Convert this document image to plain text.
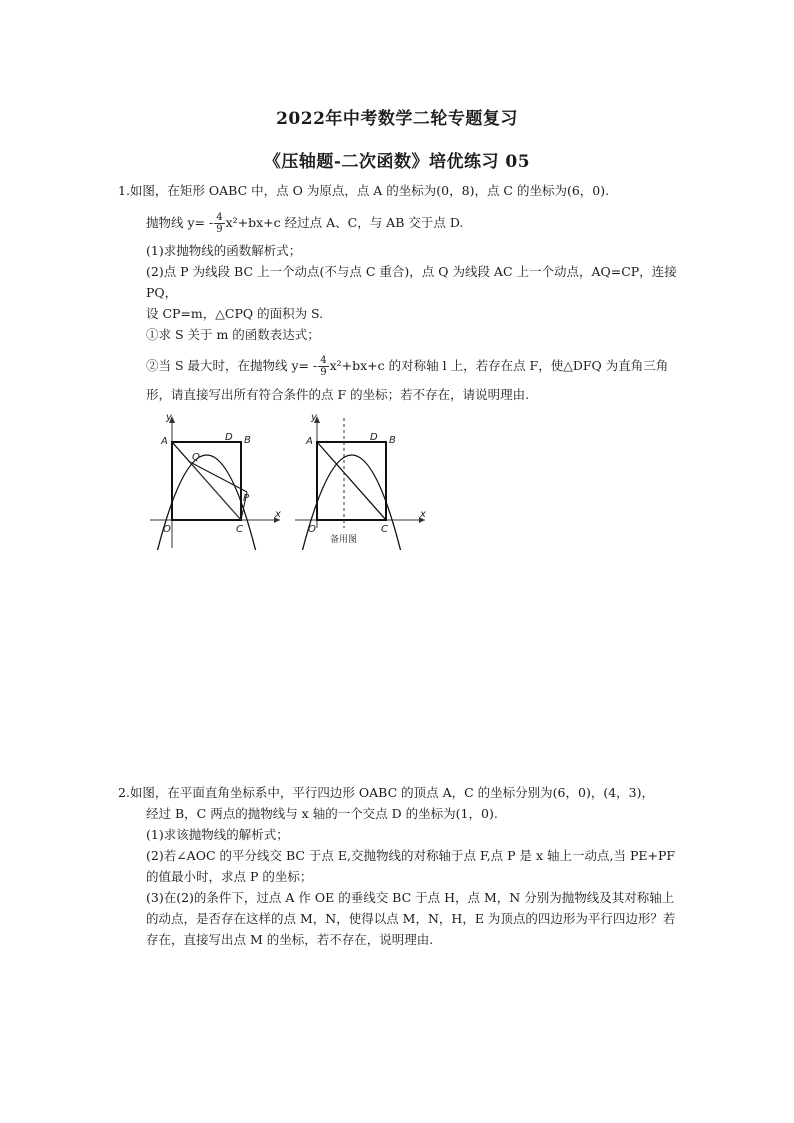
2022年中考数学二轮专题复习
《压轴题-二次函数》培优练习 05
1.如图，在矩形 OABC 中，点 O 为原点，点 A 的坐标为(0，8)，点 C 的坐标为(6，0).
抛物线 $y= - \frac{4}{9} x^2+bx+c$ 经过点 A、C，与 AB 交于点 D.
(1)求抛物线的函数解析式；
(2)点 P 为线段 BC 上一个动点(不与点 C 重合)，点 Q 为线段 AC 上一个动点，AQ=CP，连接
PQ，
设 CP=m，△CPQ 的面积为 S.
①求 S 关于 m 的函数表达式；
②当 S 最大时，在抛物线 $y= - \frac{4}{9} x^2+bx+c$ 的对称轴 l 上，若存在点 F，使△DFQ 为直角三角
形，请直接写出所有符合条件的点 F 的坐标；若不存在，请说明理由.
y
x
O
A	B
D
C
Q
P
y
x
O
A	B
D
C
备用图
2.如图，在平面直角坐标系中，平行四边形 OABC 的顶点 A，C 的坐标分别为(6，0)，(4，3)，
经过 B，C 两点的抛物线与 x 轴的一个交点 D 的坐标为(1，0).
(1)求该抛物线的解析式；
(2)若∠AOC 的平分线交 BC 于点 E,交抛物线的对称轴于点 F,点 P 是 x 轴上一动点,当 PE+PF
的值最小时，求点 P 的坐标；
(3)在(2)的条件下，过点 A 作 OE 的垂线交 BC 于点 H，点 M，N 分别为抛物线及其对称轴上
的动点，是否存在这样的点 M，N，使得以点 M，N，H，E 为顶点的四边形为平行四边形？若
存在，直接写出点 M 的坐标，若不存在，说明理由.
